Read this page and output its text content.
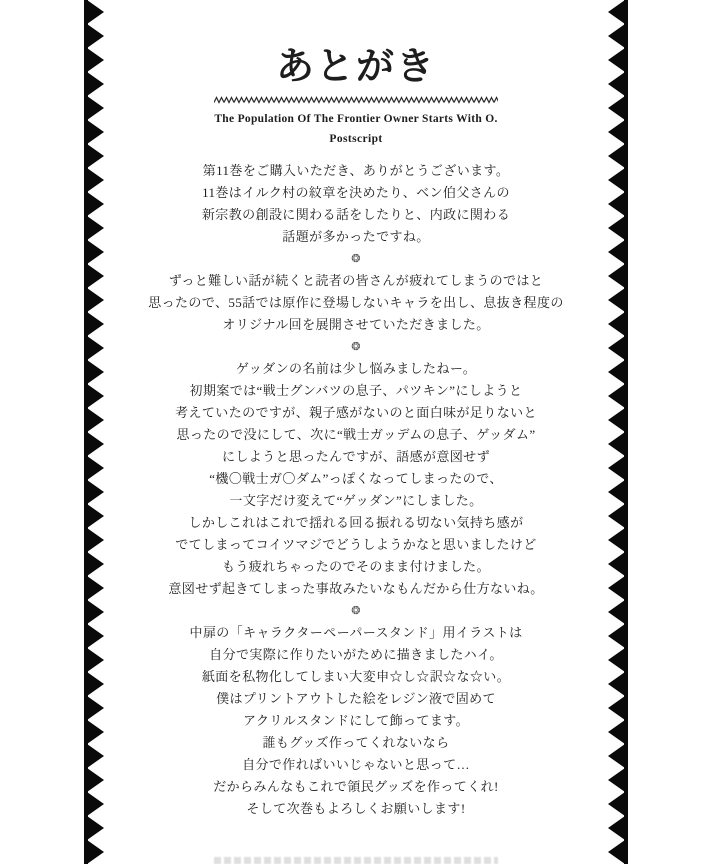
あとがき
The Population Of The Frontier Owner Starts With O.
Postscript
第11巻をご購入いただき、ありがとうございます。
11巻はイルク村の紋章を決めたり、ベン伯父さんの
新宗教の創設に関わる話をしたりと、内政に関わる
話題が多かったですね。
❂
ずっと難しい話が続くと読者の皆さんが疲れてしまうのではと
思ったので、55話では原作に登場しないキャラを出し、息抜き程度の
オリジナル回を展開させていただきました。
❂
ゲッダンの名前は少し悩みましたねー。
初期案では“戦士グンバツの息子、パツキン”にしようと
考えていたのですが、親子感がないのと面白味が足りないと
思ったので没にして、次に“戦士ガッデムの息子、ゲッダム”
にしようと思ったんですが、語感が意図せず
“機〇戦士ガ〇ダム”っぽくなってしまったので、
一文字だけ変えて“ゲッダン”にしました。
しかしこれはこれで揺れる回る振れる切ない気持ち感が
でてしまってコイツマジでどうしようかなと思いましたけど
もう疲れちゃったのでそのまま付けました。
意図せず起きてしまった事故みたいなもんだから仕方ないね。
❂
中扉の「キャラクターペーパースタンド」用イラストは
自分で実際に作りたいがために描きましたハイ。
紙面を私物化してしまい大変申☆し☆訳☆な☆い。
僕はプリントアウトした絵をレジン液で固めて
アクリルスタンドにして飾ってます。
誰もグッズ作ってくれないなら
自分で作ればいいじゃないと思って…
だからみんなもこれで領民グッズを作ってくれ!
そして次巻もよろしくお願いします!
